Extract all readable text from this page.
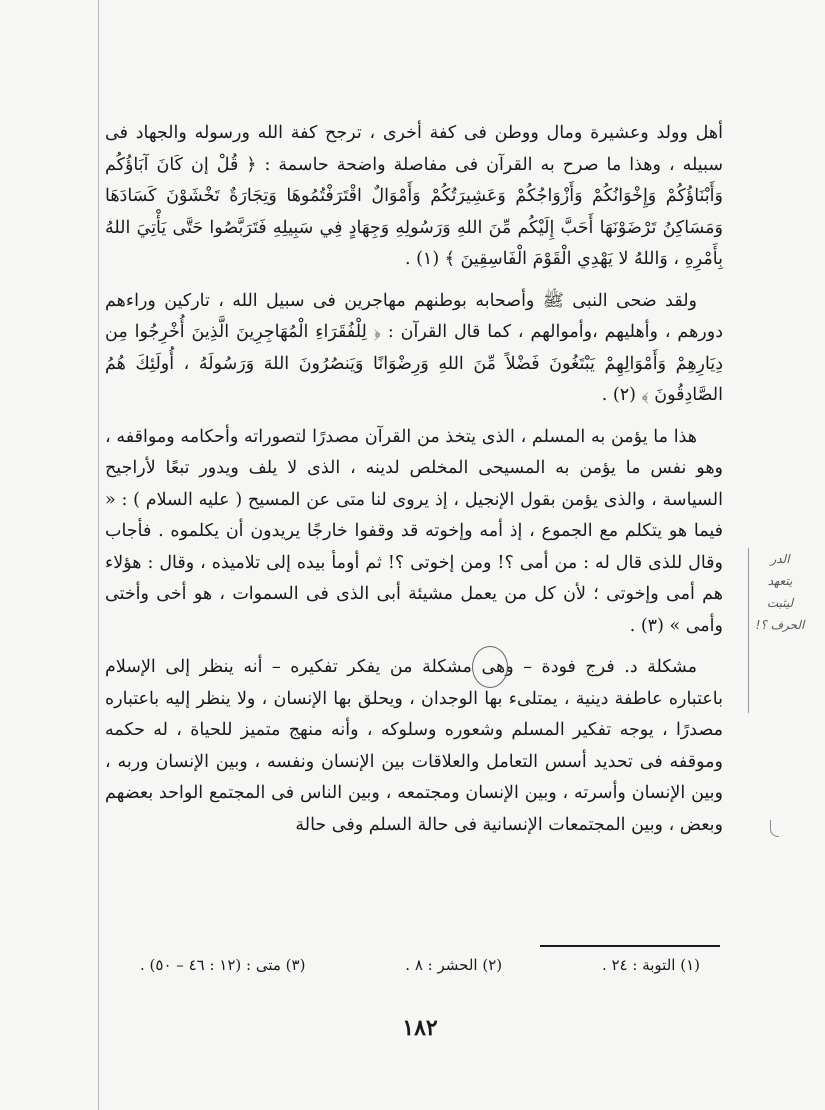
أهل وولد وعشيرة ومال ووطن فى كفة أخرى ، ترجح كفة الله ورسوله والجهاد فى سبيله ، وهذا ما صرح به القرآن فى مفاصلة واضحة حاسمة : ﴿ قُلْ إن كَانَ آبَاؤُكُم وَأَبْنَاؤُكُمْ وَإِخْوَانُكُمْ وَأَزْوَاجُكُمْ وَعَشِيرَتُكُمْ وَأَمْوَالٌ اقْتَرَفْتُمُوهَا وَتِجَارَةٌ تَخْشَوْنَ كَسَادَهَا وَمَسَاكِنُ تَرْضَوْنَهَا أَحَبَّ إِلَيْكُم مِّنَ اللهِ وَرَسُولِهِ وَجِهَادٍ فِي سَبِيلِهِ فَتَرَبَّصُوا حَتَّى يَأْتِيَ اللهُ بِأَمْرِهِ ، وَاللهُ لا يَهْدِي الْقَوْمَ الْفَاسِقِينَ ﴾ (١) .

ولقد ضحى النبى ﷺ وأصحابه بوطنهم مهاجرين فى سبيل الله ، تاركين وراءهم دورهم ، وأهليهم ،وأموالهم ، كما قال القرآن : ﴿ لِلْفُقَرَاءِ الْمُهَاجِرِينَ الَّذِينَ أُخْرِجُوا مِن دِيَارِهِمْ وَأَمْوَالِهِمْ يَبْتَغُونَ فَضْلاً مِّنَ اللهِ وَرِضْوَانًا وَيَنصُرُونَ اللهَ وَرَسُولَهُ ، أُولَئِكَ هُمُ الصَّادِقُونَ ﴾ (٢) .

هذا ما يؤمن به المسلم ، الذى يتخذ من القرآن مصدرًا لتصوراته وأحكامه ومواقفه ، وهو نفس ما يؤمن به المسيحى المخلص لدينه ، الذى لا يلف ويدور تبعًا لأراجيح السياسة ، والذى يؤمن بقول الإنجيل ، إذ يروى لنا متى عن المسيح ( عليه السلام ) : « فيما هو يتكلم مع الجموع ، إذ أمه وإخوته قد وقفوا خارجًا يريدون أن يكلموه . فأجاب وقال للذى قال له : من أمى ؟! ومن إخوتى ؟! ثم أومأ بيده إلى تلاميذه ، وقال : هؤلاء هم أمى وإخوتى ؛ لأن كل من يعمل مشيئة أبى الذى فى السموات ، هو أخى وأختى وأمى » (٣) .

مشكلة د. فرج فودة – وهى مشكلة من يفكر تفكيره – أنه ينظر إلى الإسلام باعتباره عاطفة دينية ، يمتلىء بها الوجدان ، ويحلق بها الإنسان ، ولا ينظر إليه باعتباره مصدرًا ، يوجه تفكير المسلم وشعوره وسلوكه ، وأنه منهج متميز للحياة ، له حكمه وموقفه فى تحديد أسس التعامل والعلاقات بين الإنسان ونفسه ، وبين الإنسان وربه ، وبين الإنسان وأسرته ، وبين الإنسان ومجتمعه ، وبين الناس فى المجتمع الواحد بعضهم وبعض ، وبين المجتمعات الإنسانية فى حالة السلم وفى حالة

الدر
يتعهد
ليثبت
الحرف ؟!
(١) التوبة : ٢٤ .
(٢) الحشر : ٨ .
(٣) متى : (١٢ : ٤٦ – ٥٠) .
١٨٢
